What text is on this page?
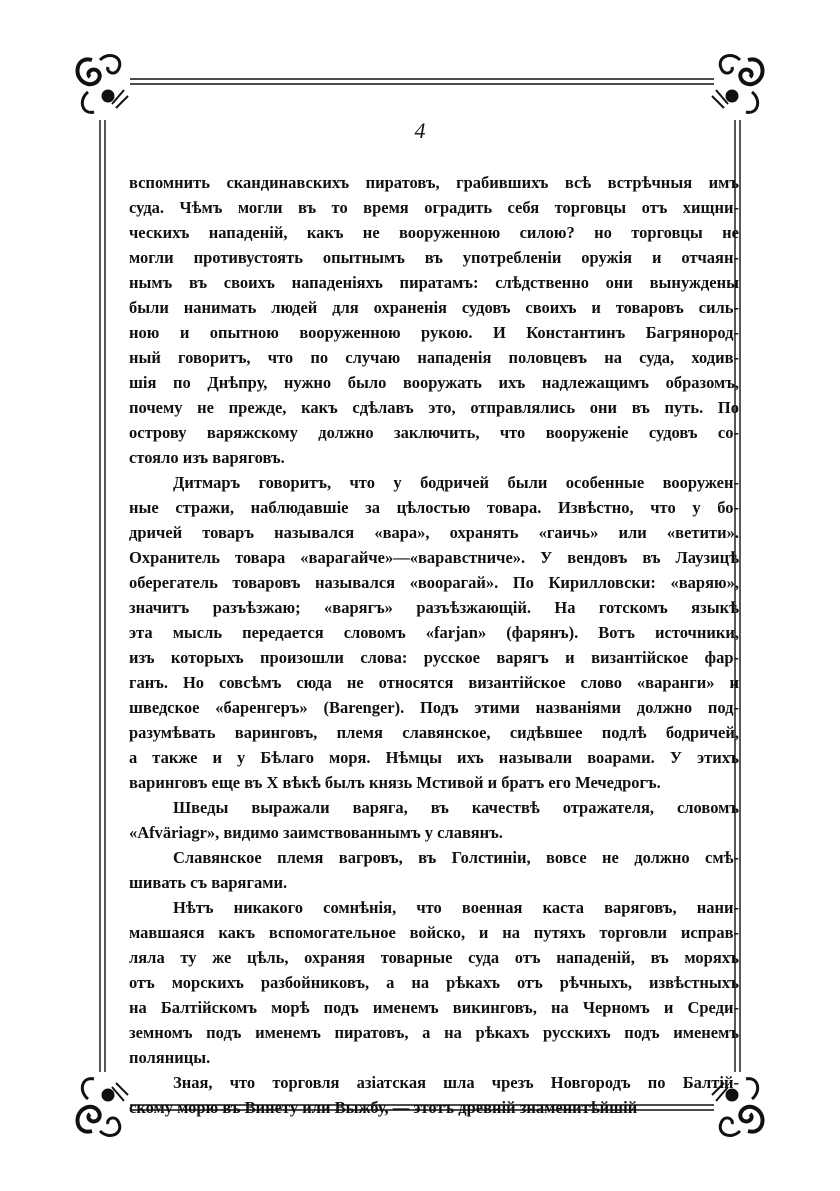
4
вспомнить скандинавскихъ пиратовъ, грабившихъ всѣ встрѣчныя имъ
суда. Чѣмъ могли въ то время оградить себя торговцы отъ хищни-
ческихъ нападеній, какъ не вооруженною силою? но торговцы не
могли противустоять опытнымъ въ употребленіи оружія и отчаян-
нымъ въ своихъ нападеніяхъ пиратамъ: слѣдственно они вынуждены
были нанимать людей для охраненія судовъ своихъ и товаровъ силь-
ною и опытною вооруженною рукою. И Константинъ Багрянород-
ный говоритъ, что по случаю нападенія половцевъ на суда, ходив-
шія по Днѣпру, нужно было вооружать ихъ надлежащимъ образомъ,
почему не прежде, какъ сдѣлавъ это, отправлялись они въ путь. По
острову варяжскому должно заключить, что вооруженіе судовъ со-
стояло изъ варяговъ.
Дитмаръ говоритъ, что у бодричей были особенные вооружен-
ные стражи, наблюдавшіе за цѣлостью товара. Извѣстно, что у бо-
дричей товаръ назывался «вара», охранять «гаичь» или «ветити».
Охранитель товара «варагайче»—«варавстниче». У вендовъ въ Лаузицѣ
оберегатель товаровъ назывался «воорагай». По Кирилловски: «варяю»,
значитъ разъѣзжаю; «варягъ» разъѣзжающій. На готскомъ языкѣ
эта мысль передается словомъ «farjan» (фарянъ). Вотъ источники,
изъ которыхъ произошли слова: русское варягъ и византійское фар-
ганъ. Но совсѣмъ сюда не относятся византійское слово «варанги» и
шведское «баренгеръ» (Barenger). Подъ этими названіями должно под-
разумѣвать варинговъ, племя славянское, сидѣвшее подлѣ бодричей,
а также и у Бѣлаго моря. Нѣмцы ихъ называли воарами. У этихъ
варинговъ еще въ X вѣкѣ былъ князь Мстивой и братъ его Мечедрогъ.
Шведы выражали варяга, въ качествѣ отражателя, словомъ
«Afväriagr», видимо заимствованнымъ у славянъ.
Славянское племя вагровъ, въ Голстиніи, вовсе не должно смѣ-
шивать съ варягами.
Нѣтъ никакого сомнѣнія, что военная каста варяговъ, нани-
мавшаяся какъ вспомогательное войско, и на путяхъ торговли исправ-
ляла ту же цѣль, охраняя товарные суда отъ нападеній, въ моряхъ
отъ морскихъ разбойниковъ, а на рѣкахъ отъ рѣчныхъ, извѣстныхъ
на Балтійскомъ морѣ подъ именемъ викинговъ, на Черномъ и Среди-
земномъ подъ именемъ пиратовъ, а на рѣкахъ русскихъ подъ именемъ
поляницы.
Зная, что торговля азіатская шла чрезъ Новгородъ по Балтій-
скому морю въ Винету или Выжбу, — этотъ древній знаменитѣйшій
